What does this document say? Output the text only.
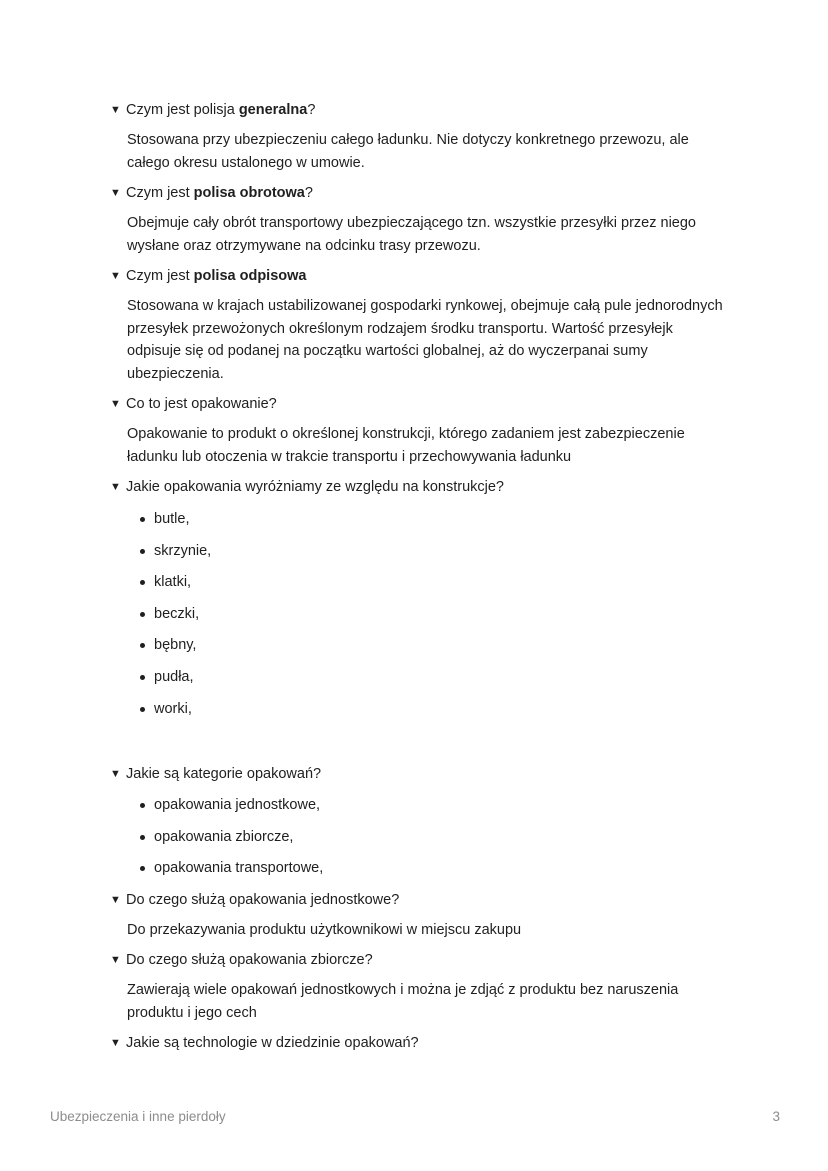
▼ Czym jest polisja generalna?

Stosowana przy ubezpieczeniu całego ładunku. Nie dotyczy konkretnego przewozu, ale całego okresu ustalonego w umowie.

▼ Czym jest polisa obrotowa?

Obejmuje cały obrót transportowy ubezpieczającego tzn. wszystkie przesyłki przez niego wysłane oraz otrzymywane na odcinku trasy przewozu.

▼ Czym jest polisa odpisowa

Stosowana w krajach ustabilizowanej gospodarki rynkowej, obejmuje całą pule jednorodnych przesyłek przewożonych określonym rodzajem środku transportu. Wartość przesyłejk odpisuje się od podanej na początku wartości globalnej, aż do wyczerpanai sumy ubezpieczenia.

▼ Co to jest opakowanie?

Opakowanie to produkt o określonej konstrukcji, którego zadaniem jest zabezpieczenie ładunku lub otoczenia w trakcie transportu i przechowywania ładunku

▼ Jakie opakowania wyróżniamy ze względu na konstrukcje?
butle,
skrzynie,
klatki,
beczki,
bębny,
pudła,
worki,
▼ Jakie są kategorie opakowań?
opakowania jednostkowe,
opakowania zbiorcze,
opakowania transportowe,
▼ Do czego służą opakowania jednostkowe?

Do przekazywania produktu użytkownikowi w miejscu zakupu

▼ Do czego służą opakowania zbiorcze?

Zawierają wiele opakowań jednostkowych i można je zdjąć z produktu bez naruszenia produktu i jego cech

▼ Jakie są technologie w dziedzinie opakowań?
Ubezpieczenia i inne pierdoły	3
